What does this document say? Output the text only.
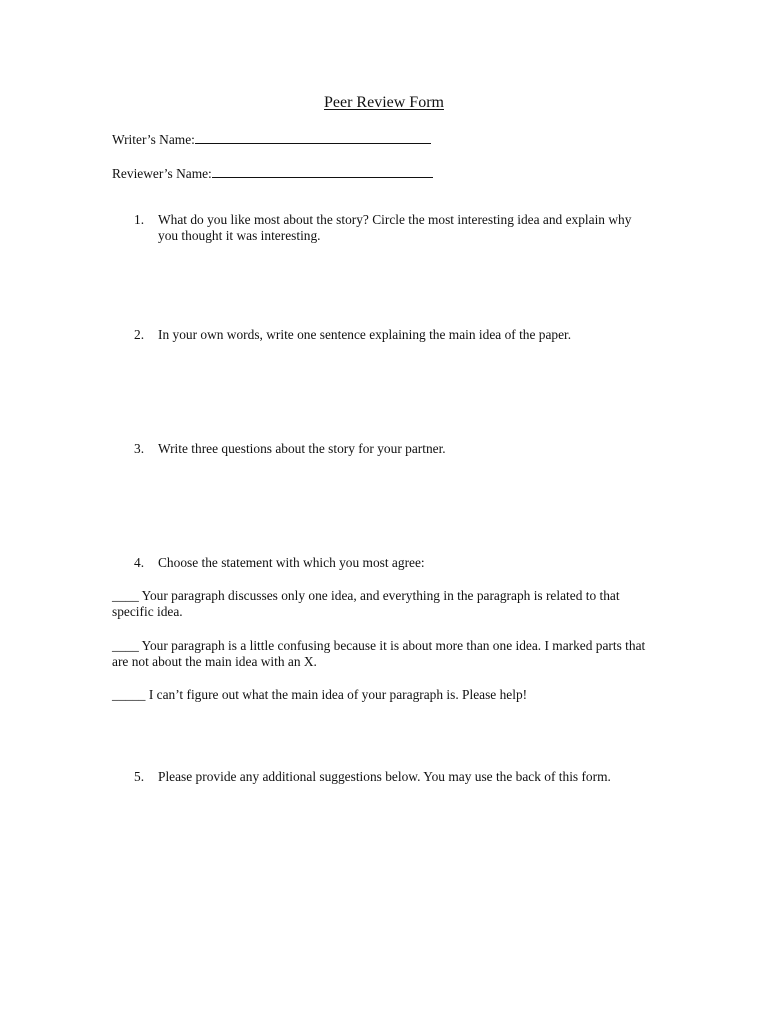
Peer Review Form
Writer’s Name:
Reviewer’s Name:
1. What do you like most about the story? Circle the most interesting idea and explain why you thought it was interesting.
2. In your own words, write one sentence explaining the main idea of the paper.
3. Write three questions about the story for your partner.
4. Choose the statement with which you most agree:
____ Your paragraph discusses only one idea, and everything in the paragraph is related to that specific idea.
____ Your paragraph is a little confusing because it is about more than one idea. I marked parts that are not about the main idea with an X.
_____ I can’t figure out what the main idea of your paragraph is. Please help!
5. Please provide any additional suggestions below. You may use the back of this form.
